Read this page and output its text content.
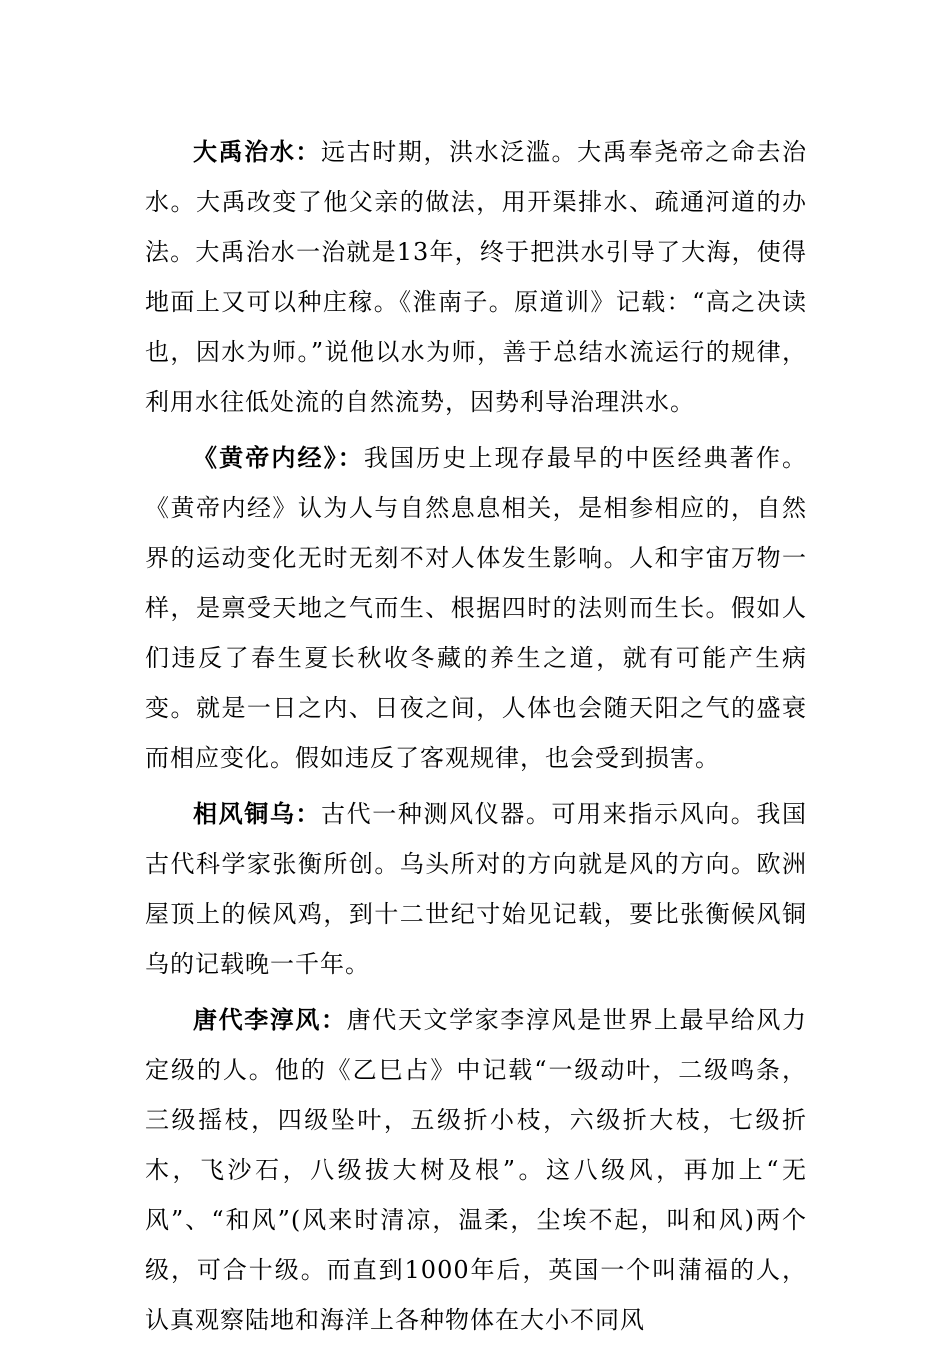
大禹治水：远古时期，洪水泛滥。大禹奉尧帝之命去治水。大禹改变了他父亲的做法，用开渠排水、疏通河道的办法。大禹治水一治就是13年，终于把洪水引导了大海，使得地面上又可以种庄稼。《淮南子。原道训》记载：“高之决读也，因水为师。”说他以水为师，善于总结水流运行的规律，利用水往低处流的自然流势，因势利导治理洪水。

《黄帝内经》：我国历史上现存最早的中医经典著作。《黄帝内经》认为人与自然息息相关，是相参相应的，自然界的运动变化无时无刻不对人体发生影响。人和宇宙万物一样，是禀受天地之气而生、根据四时的法则而生长。假如人们违反了春生夏长秋收冬藏的养生之道，就有可能产生病变。就是一日之内、日夜之间，人体也会随天阳之气的盛衰而相应变化。假如违反了客观规律，也会受到损害。

相风铜乌：古代一种测风仪器。可用来指示风向。我国古代科学家张衡所创。乌头所对的方向就是风的方向。欧洲屋顶上的候风鸡，到十二世纪寸始见记载，要比张衡候风铜乌的记载晚一千年。

唐代李淳风：唐代天文学家李淳风是世界上最早给风力定级的人。他的《乙巳占》中记载“一级动叶，二级鸣条，三级摇枝，四级坠叶，五级折小枝，六级折大枝，七级折木，飞沙石，八级拔大树及根”。这八级风，再加上“无风”、“和风”(风来时清凉，温柔，尘埃不起，叫和风)两个级，可合十级。而直到1000年后，英国一个叫蒲福的人，认真观察陆地和海洋上各种物体在大小不同风
